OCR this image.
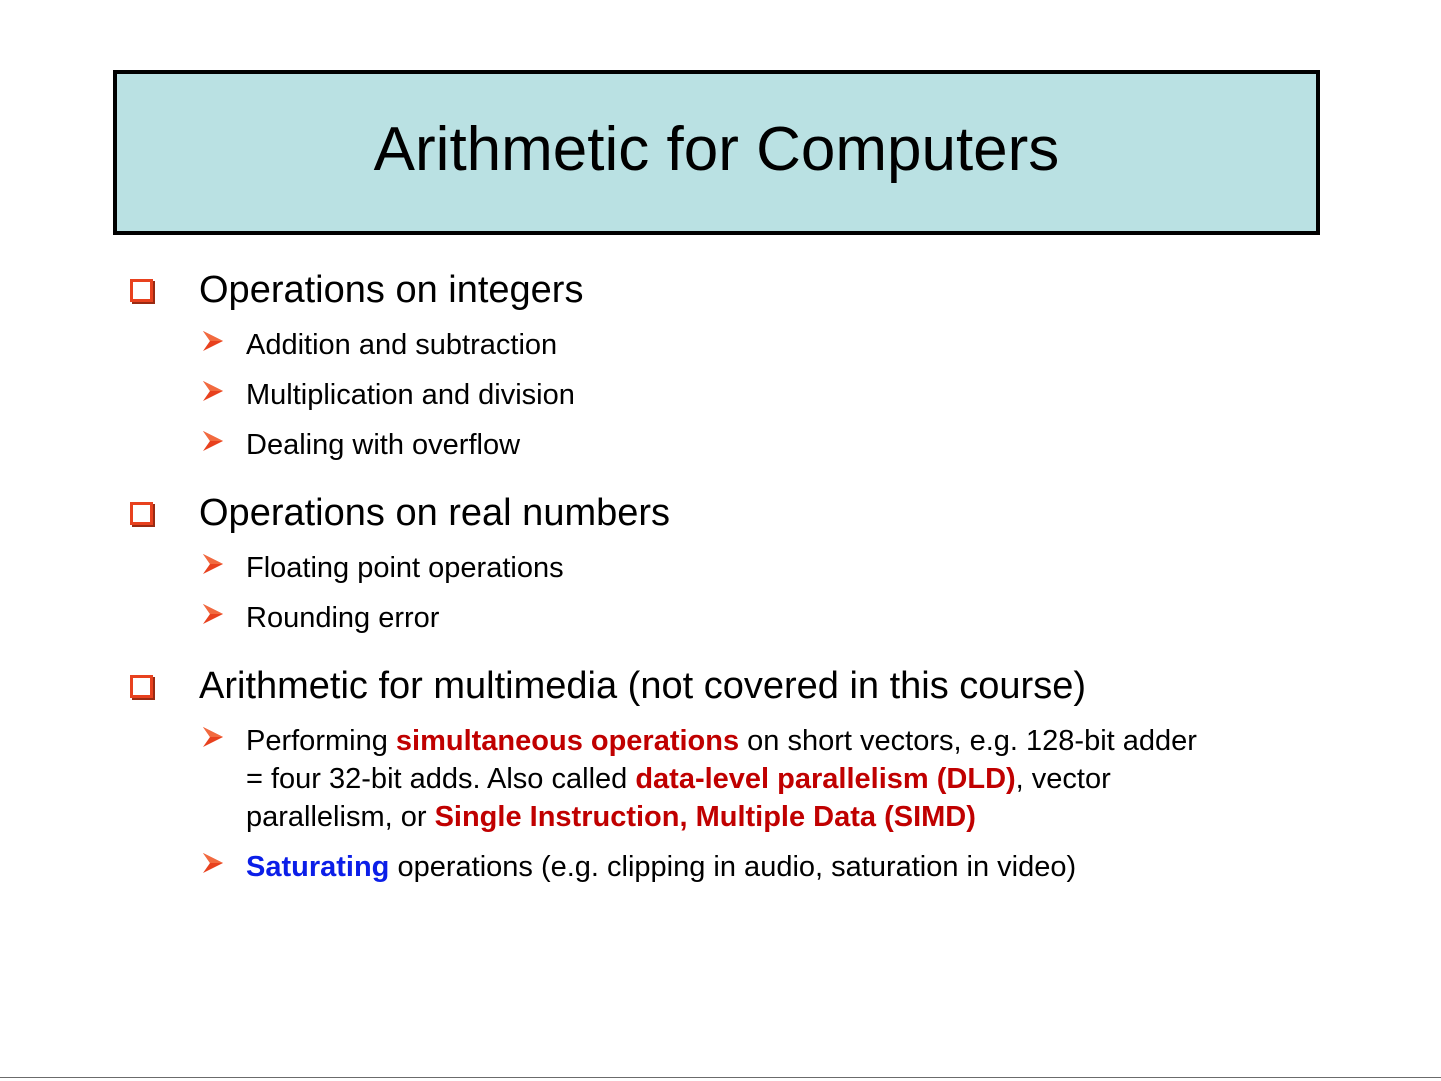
Arithmetic for Computers
Operations on integers
Addition and subtraction
Multiplication and division
Dealing with overflow
Operations on real numbers
Floating point operations
Rounding error
Arithmetic for multimedia (not covered in this course)
Performing simultaneous operations on short vectors, e.g. 128-bit adder
= four 32-bit adds. Also called data-level parallelism (DLD), vector
parallelism, or Single Instruction, Multiple Data (SIMD)
Saturating operations (e.g. clipping in audio, saturation in video)
